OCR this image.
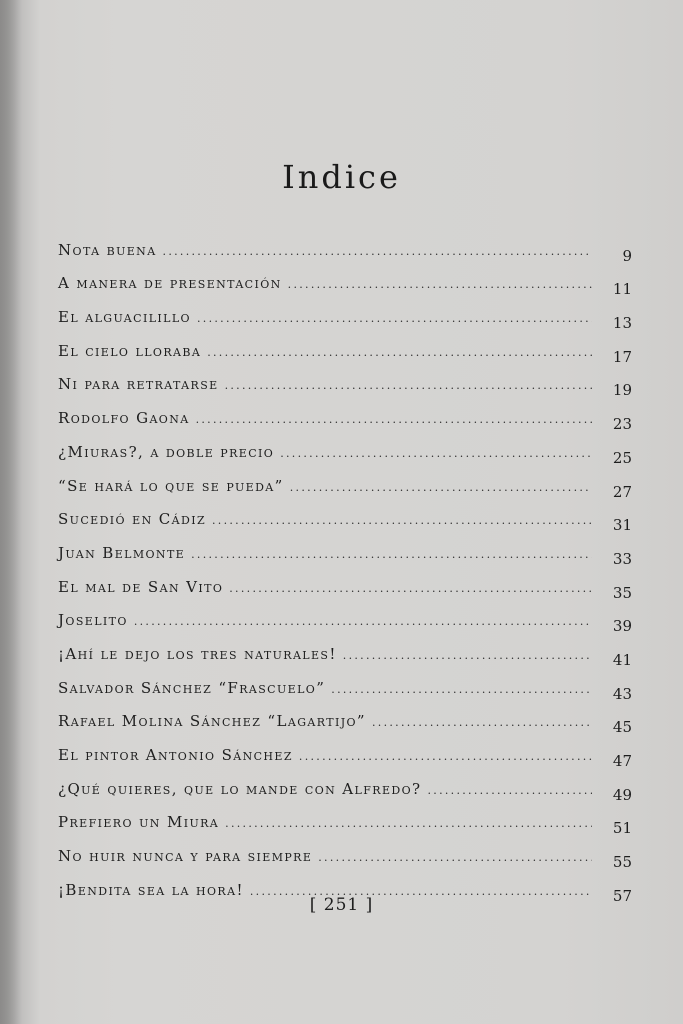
Indice
Nota buena . . .	9
A manera de presentación . . .	11
El alguacilillo . . .	13
El cielo lloraba . . .	17
Ni para retratarse . . .	19
Rodolfo Gaona . . .	23
¿Miuras?, a doble precio . . .	25
“Se hará lo que se pueda” . . .	27
Sucedió en Cádiz . . .	31
Juan Belmonte . . .	33
El mal de San Vito . . .	35
Joselito . . .	39
¡Ahí le dejo los tres naturales! . . .	41
Salvador Sánchez “Frascuelo” . . .	43
Rafael Molina Sánchez “Lagartijo” . . .	45
El pintor Antonio Sánchez . . .	47
¿Qué quieres, que lo mande con Alfredo? . . .	49
Prefiero un Miura . . .	51
No huir nunca y para siempre . . .	55
¡Bendita sea la hora! . . .	57
[ 251 ]
